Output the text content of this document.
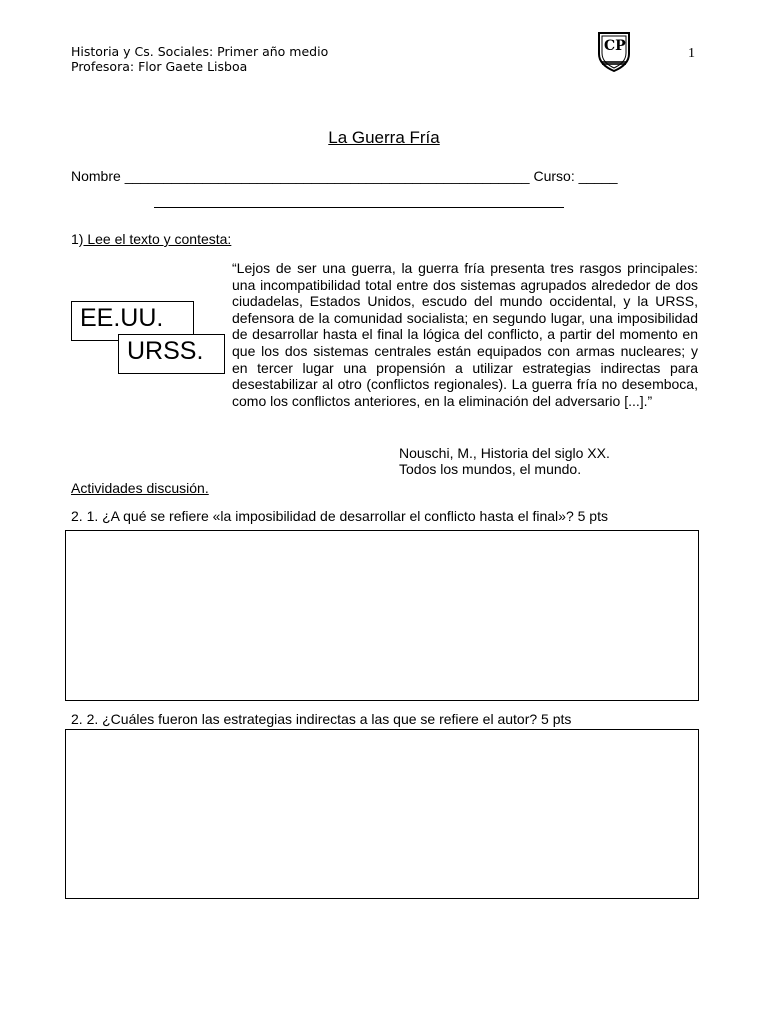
Historia y Cs. Sociales: Primer año medio
Profesora: Flor Gaete Lisboa
CP	1
La Guerra Fría
Nombre ____________________________________________________ Curso: _____
1) Lee el texto y contesta:
EE.UU.
URSS.
“Lejos de ser una guerra, la guerra fría presenta tres rasgos principales: una incompatibilidad total entre dos sistemas agrupados alrededor de dos ciudadelas, Estados Unidos, escudo del mundo occidental, y la URSS, defensora de la comunidad socialista; en segundo lugar, una imposibilidad de desarrollar hasta el final la lógica del conflicto, a partir del momento en que los dos sistemas centrales están equipados con armas nucleares; y en tercer lugar una propensión a utilizar estrategias indirectas para desestabilizar al otro (conflictos regionales). La guerra fría no desemboca, como los conflictos anteriores, en la eliminación del adversario [...].”
Nouschi, M., Historia del siglo XX.
Todos los mundos, el mundo.
Actividades discusión.
2. 1. ¿A qué se refiere «la imposibilidad de desarrollar el conflicto hasta el final»? 5 pts
2. 2. ¿Cuáles fueron las estrategias indirectas a las que se refiere el autor? 5 pts
